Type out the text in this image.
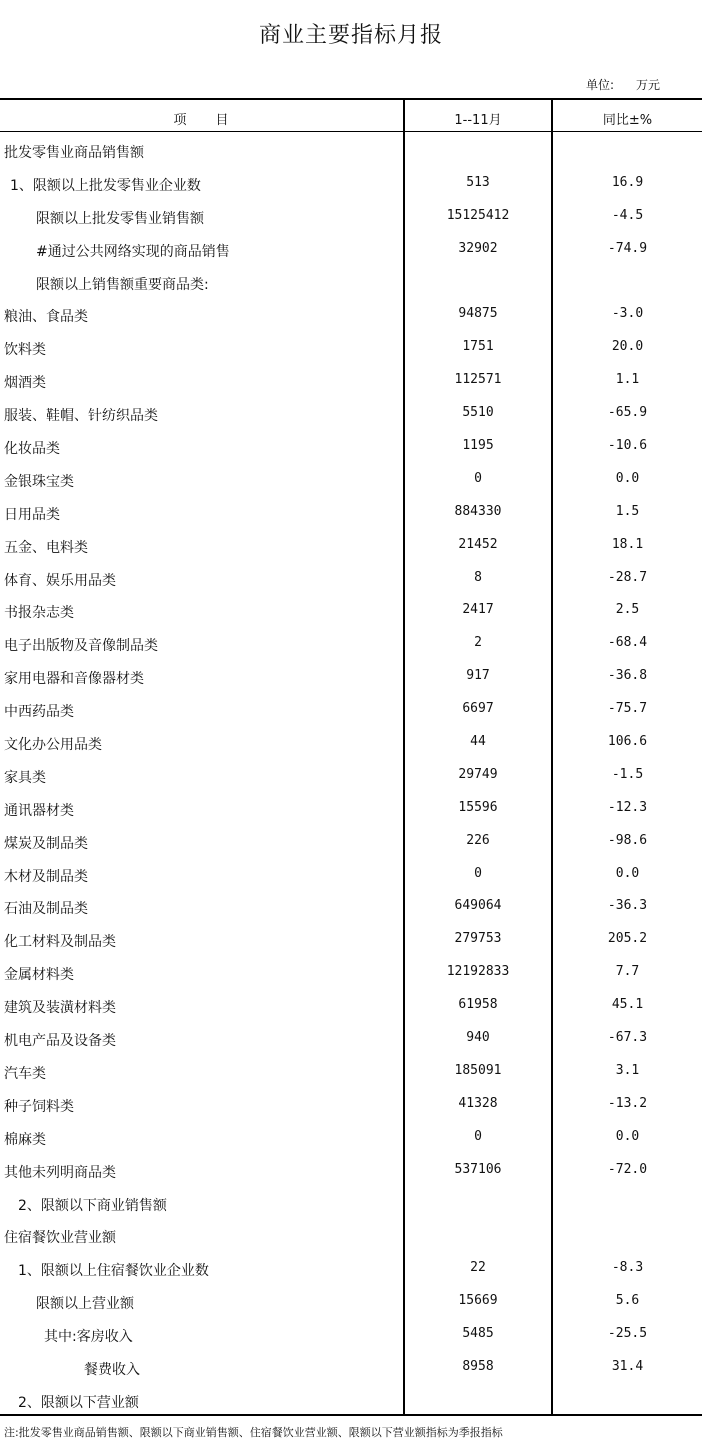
商业主要指标月报
单位: 万元
项　　目	1--11月	同比±%
批发零售业商品销售额
1、限额以上批发零售业企业数	513	16.9
限额以上批发零售业销售额	15125412	-4.5
#通过公共网络实现的商品销售	32902	-74.9
限额以上销售额重要商品类:
粮油、食品类	94875	-3.0
饮料类	1751	20.0
烟酒类	112571	1.1
服装、鞋帽、针纺织品类	5510	-65.9
化妆品类	1195	-10.6
金银珠宝类	0	0.0
日用品类	884330	1.5
五金、电料类	21452	18.1
体育、娱乐用品类	8	-28.7
书报杂志类	2417	2.5
电子出版物及音像制品类	2	-68.4
家用电器和音像器材类	917	-36.8
中西药品类	6697	-75.7
文化办公用品类	44	106.6
家具类	29749	-1.5
通讯器材类	15596	-12.3
煤炭及制品类	226	-98.6
木材及制品类	0	0.0
石油及制品类	649064	-36.3
化工材料及制品类	279753	205.2
金属材料类	12192833	7.7
建筑及装潢材料类	61958	45.1
机电产品及设备类	940	-67.3
汽车类	185091	3.1
种子饲料类	41328	-13.2
棉麻类	0	0.0
其他未列明商品类	537106	-72.0
2、限额以下商业销售额
住宿餐饮业营业额
1、限额以上住宿餐饮业企业数	22	-8.3
限额以上营业额	15669	5.6
其中:客房收入	5485	-25.5
餐费收入	8958	31.4
2、限额以下营业额
注:批发零售业商品销售额、限额以下商业销售额、住宿餐饮业营业额、限额以下营业额指标为季报指标
